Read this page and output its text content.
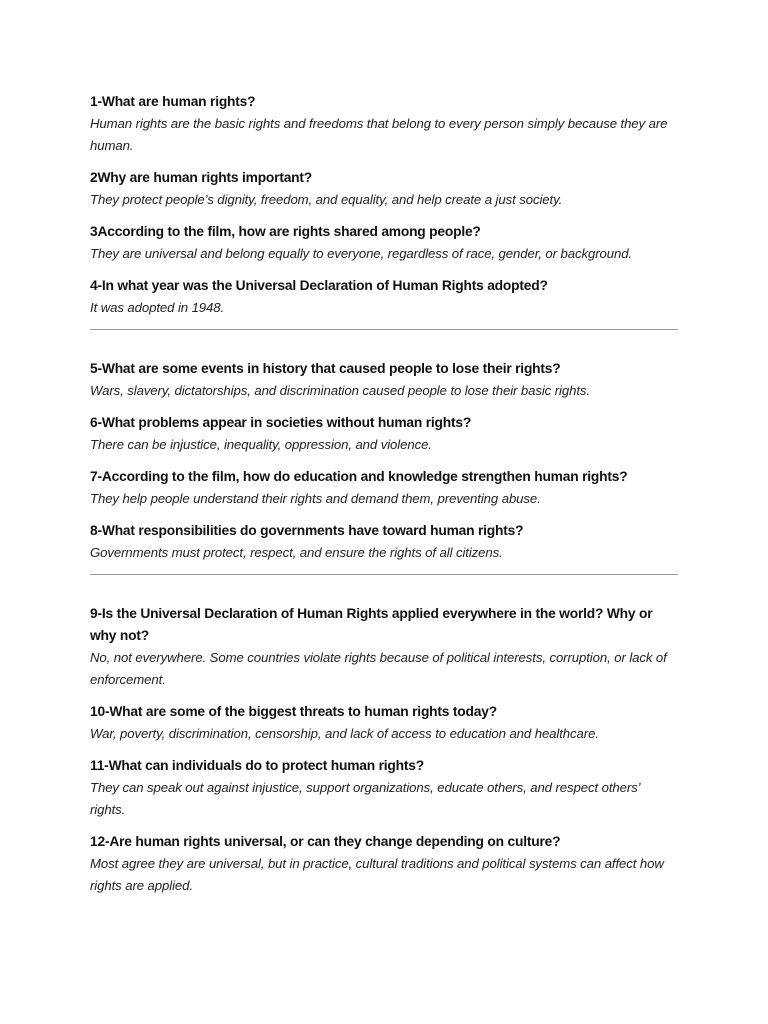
1-What are human rights?
Human rights are the basic rights and freedoms that belong to every person simply because they are human.
2Why are human rights important?
They protect people’s dignity, freedom, and equality, and help create a just society.
3According to the film, how are rights shared among people?
They are universal and belong equally to everyone, regardless of race, gender, or background.
4-In what year was the Universal Declaration of Human Rights adopted?
It was adopted in 1948.
5-What are some events in history that caused people to lose their rights?
Wars, slavery, dictatorships, and discrimination caused people to lose their basic rights.
6-What problems appear in societies without human rights?
There can be injustice, inequality, oppression, and violence.
7-According to the film, how do education and knowledge strengthen human rights?
They help people understand their rights and demand them, preventing abuse.
8-What responsibilities do governments have toward human rights?
Governments must protect, respect, and ensure the rights of all citizens.
9-Is the Universal Declaration of Human Rights applied everywhere in the world? Why or why not?
No, not everywhere. Some countries violate rights because of political interests, corruption, or lack of enforcement.
10-What are some of the biggest threats to human rights today?
War, poverty, discrimination, censorship, and lack of access to education and healthcare.
11-What can individuals do to protect human rights?
They can speak out against injustice, support organizations, educate others, and respect others’ rights.
12-Are human rights universal, or can they change depending on culture?
Most agree they are universal, but in practice, cultural traditions and political systems can affect how rights are applied.
